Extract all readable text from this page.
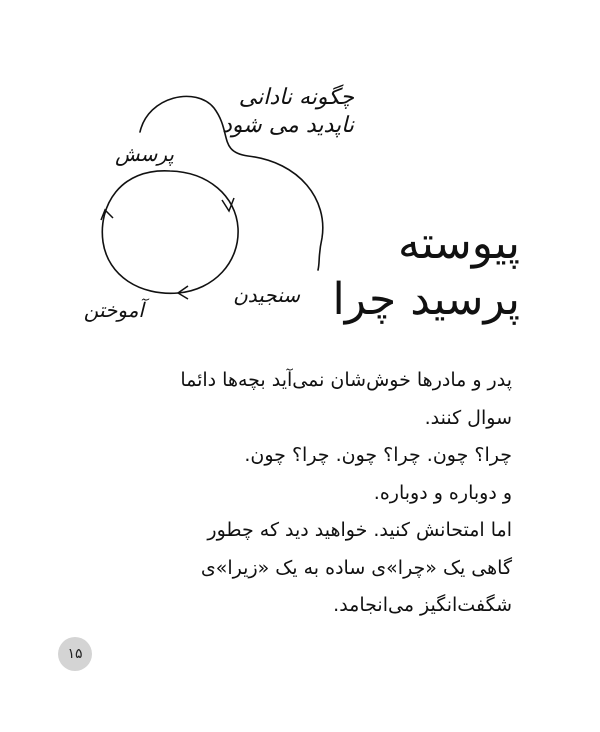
چگونه نادانی
ناپدید می شود
پرسش
سنجیدن
آموختن
پیوسته
پرسید چرا

پدر و مادرها خوش‌شان نمی‌آید بچه‌ها دائما

سوال کنند.

چرا؟ چون. چرا؟ چون. چرا؟ چون.

و دوباره و دوباره.

اما امتحانش کنید. خواهید دید که چطور

گاهی یک «چرا»ی ساده به یک «زیرا»ی

شگفت‌انگیز می‌انجامد.

۱۵
